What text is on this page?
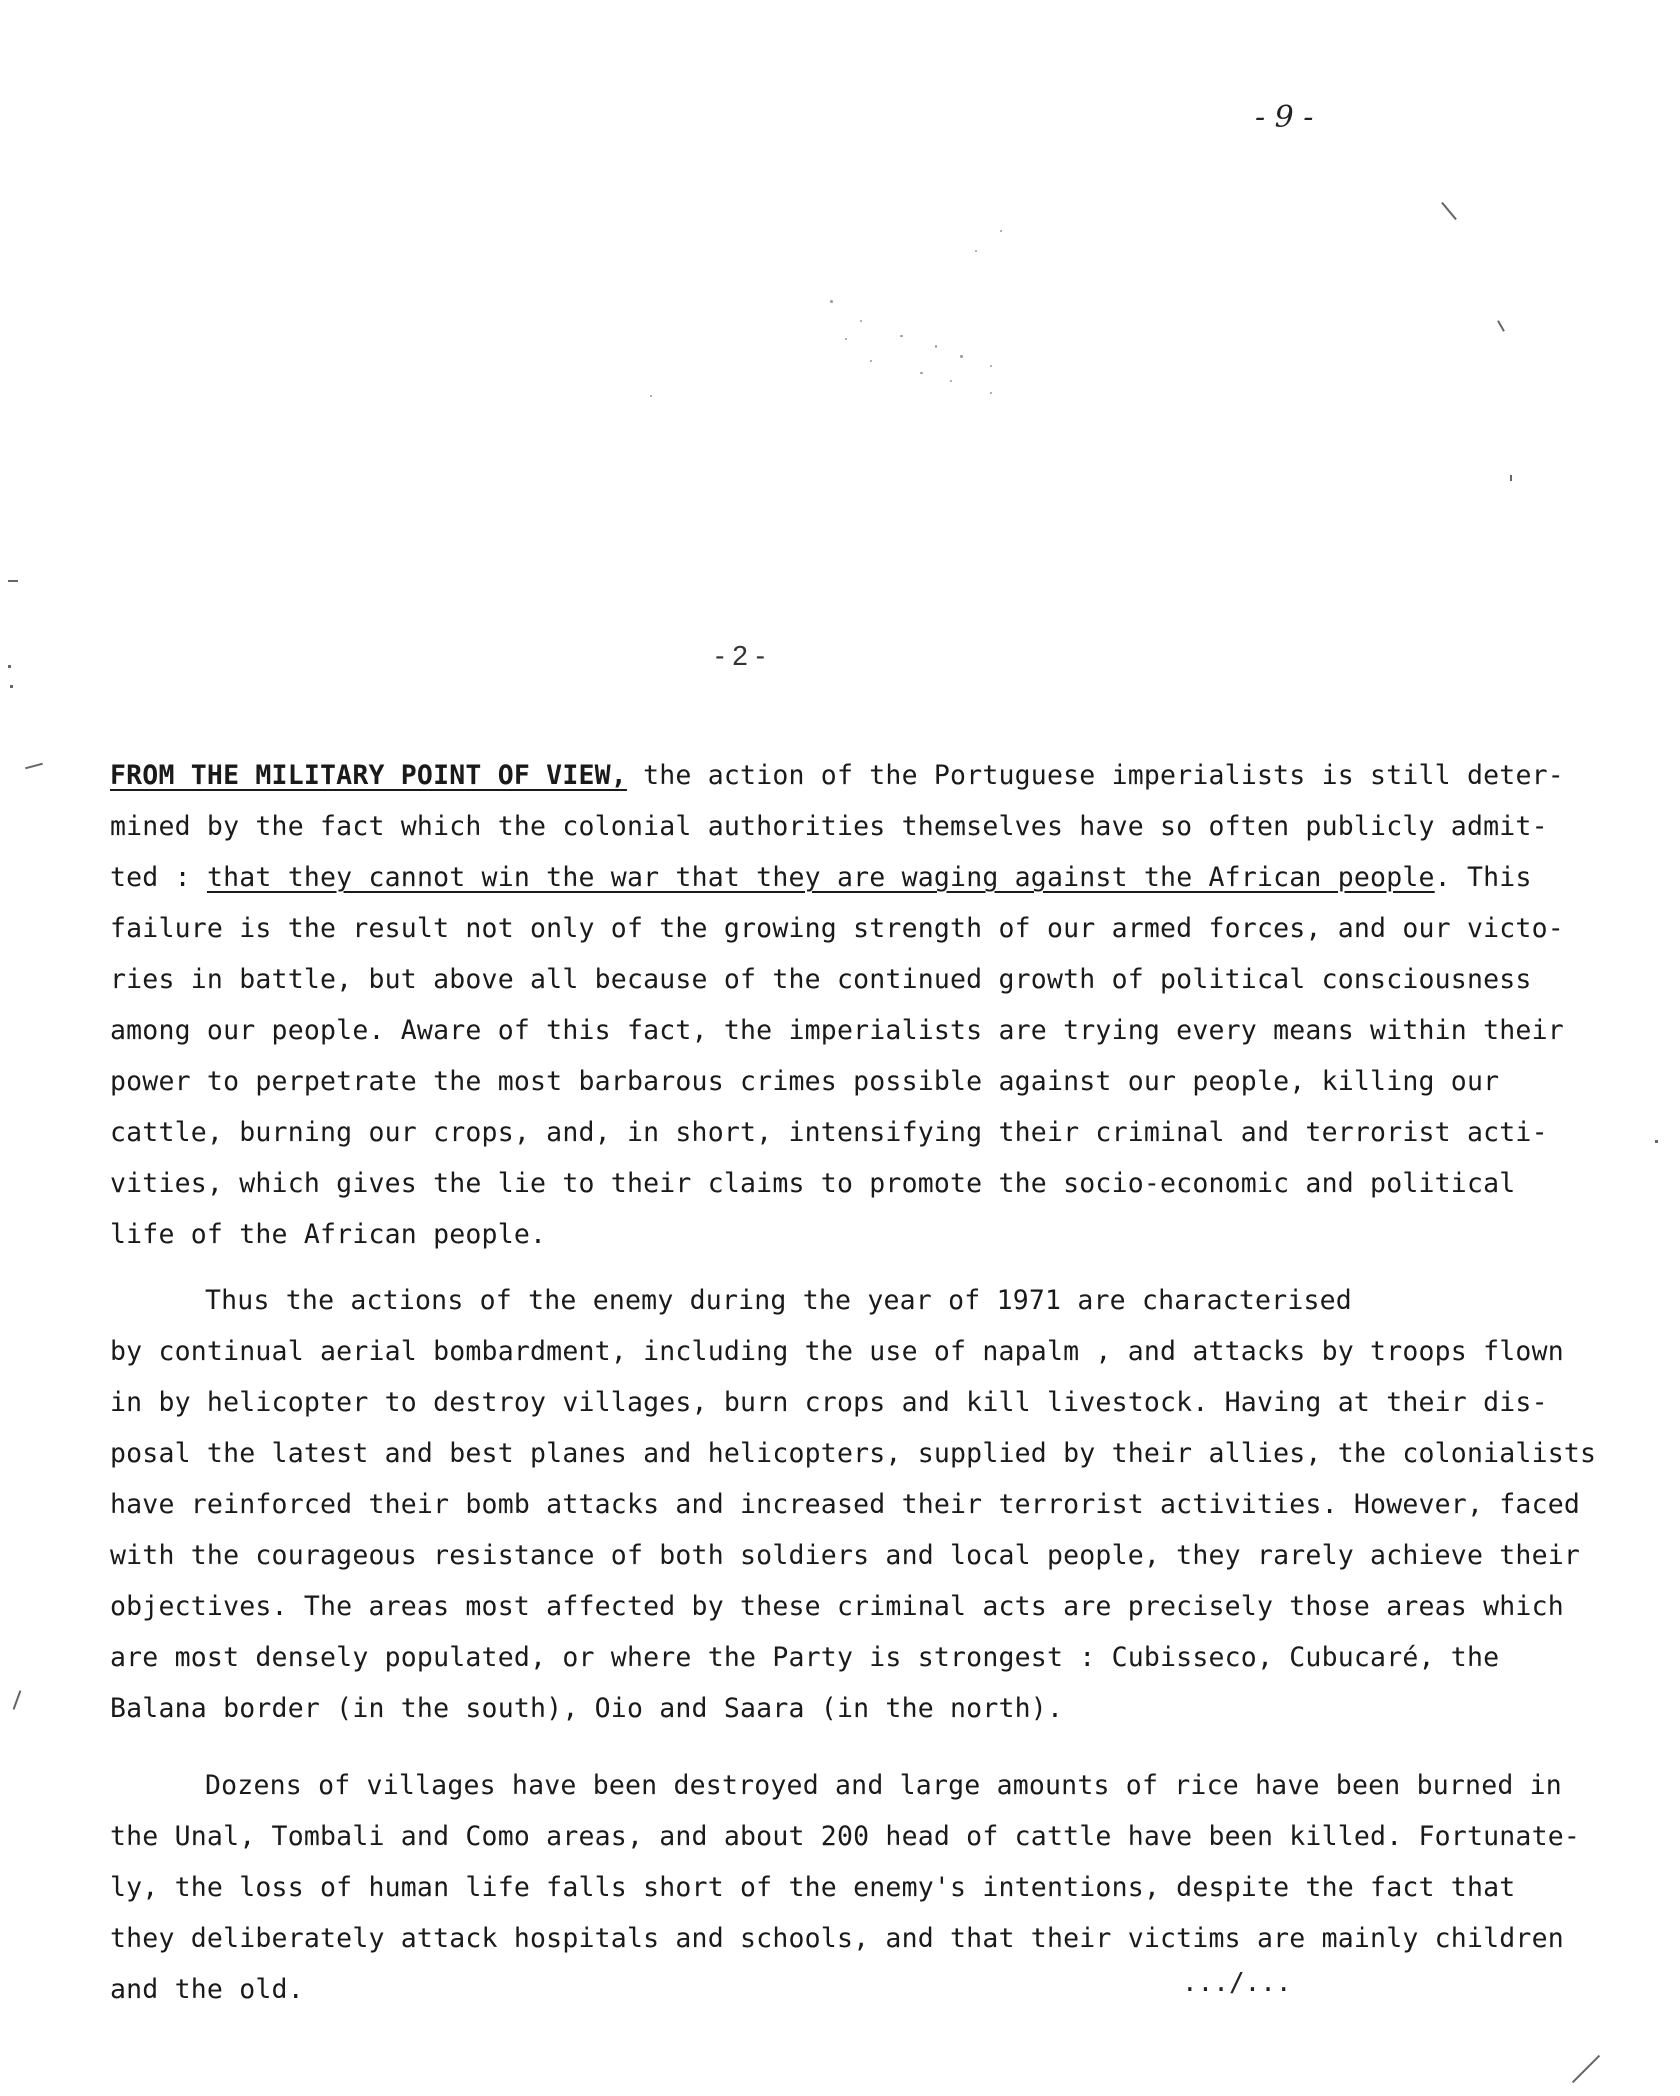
- 9 -
- 2 -
FROM THE MILITARY POINT OF VIEW, the action of the Portuguese imperialists is still deter-
mined by the fact which the colonial authorities themselves have so often publicly admit-
ted : that they cannot win the war that they are waging against the African people. This
failure is the result not only of the growing strength of our armed forces, and our victo-
ries in battle, but above all because of the continued growth of political consciousness
among our people. Aware of this fact, the imperialists are trying every means within their
power to perpetrate the most barbarous crimes possible against our people, killing our
cattle, burning our crops, and, in short, intensifying their criminal and terrorist acti-
vities, which gives the lie to their claims to promote the socio-economic and political
life of the African people.
Thus the actions of the enemy during the year of 1971 are characterised
by continual aerial bombardment, including the use of napalm , and attacks by troops flown
in by helicopter to destroy villages, burn crops and kill livestock. Having at their dis-
posal the latest and best planes and helicopters, supplied by their allies, the colonialists
have reinforced their bomb attacks and increased their terrorist activities. However, faced
with the courageous resistance of both soldiers and local people, they rarely achieve their
objectives. The areas most affected by these criminal acts are precisely those areas which
are most densely populated, or where the Party is strongest : Cubisseco, Cubucaré, the
Balana border (in the south), Oio and Saara (in the north).
Dozens of villages have been destroyed and large amounts of rice have been burned in
the Unal, Tombali and Como areas, and about 200 head of cattle have been killed. Fortunate-
ly, the loss of human life falls short of the enemy's intentions, despite the fact that
they deliberately attack hospitals and schools, and that their victims are mainly children
and the old.	.../...
